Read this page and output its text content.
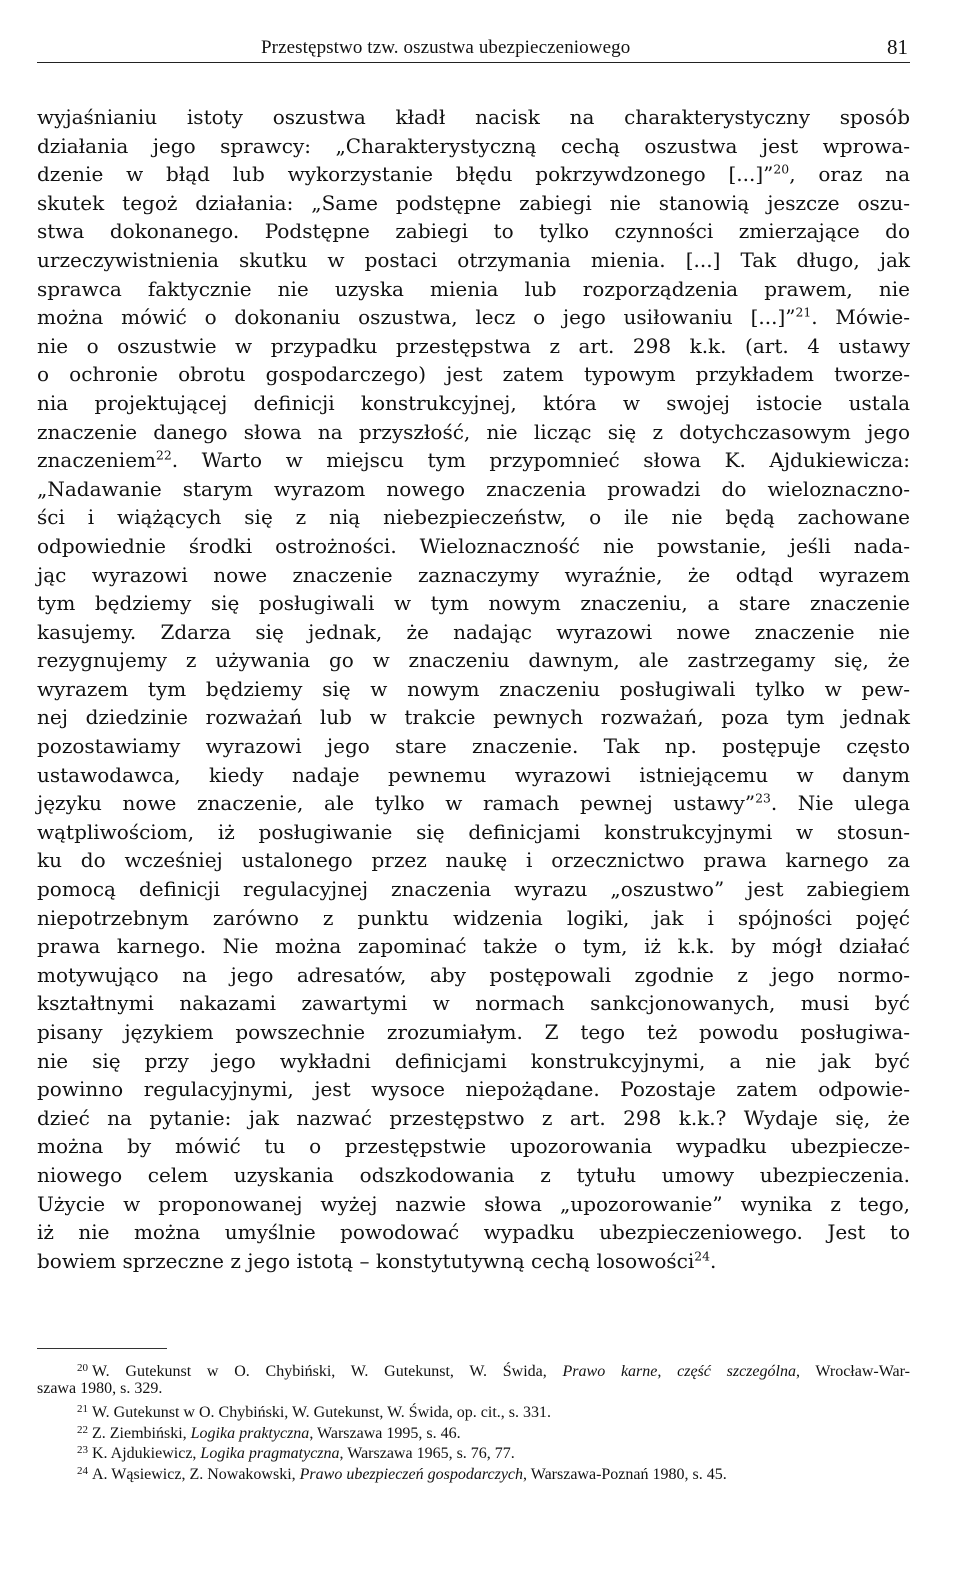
Przestępstwo tzw. oszustwa ubezpieczeniowego	81
wyjaśnianiu istoty oszustwa kładł nacisk na charakterystyczny sposób
działania jego sprawcy: „Charakterystyczną cechą oszustwa jest wprowa-
dzenie w błąd lub wykorzystanie błędu pokrzywdzonego [...]”$^{20}$, oraz na
skutek tegoż działania: „Same podstępne zabiegi nie stanowią jeszcze oszu-
stwa dokonanego. Podstępne zabiegi to tylko czynności zmierzające do
urzeczywistnienia skutku w postaci otrzymania mienia. [...] Tak długo, jak
sprawca faktycznie nie uzyska mienia lub rozporządzenia prawem, nie
można mówić o dokonaniu oszustwa, lecz o jego usiłowaniu [...]”$^{21}$. Mówie-
nie o oszustwie w przypadku przestępstwa z art. 298 k.k. (art. 4 ustawy
o ochronie obrotu gospodarczego) jest zatem typowym przykładem tworze-
nia projektującej definicji konstrukcyjnej, która w swojej istocie ustala
znaczenie danego słowa na przyszłość, nie licząc się z dotychczasowym jego
znaczeniem$^{22}$. Warto w miejscu tym przypomnieć słowa K. Ajdukiewicza:
„Nadawanie starym wyrazom nowego znaczenia prowadzi do wieloznaczno-
ści i wiążących się z nią niebezpieczeństw, o ile nie będą zachowane
odpowiednie środki ostrożności. Wieloznaczność nie powstanie, jeśli nada-
jąc wyrazowi nowe znaczenie zaznaczymy wyraźnie, że odtąd wyrazem
tym będziemy się posługiwali w tym nowym znaczeniu, a stare znaczenie
kasujemy. Zdarza się jednak, że nadając wyrazowi nowe znaczenie nie
rezygnujemy z używania go w znaczeniu dawnym, ale zastrzegamy się, że
wyrazem tym będziemy się w nowym znaczeniu posługiwali tylko w pew-
nej dziedzinie rozważań lub w trakcie pewnych rozważań, poza tym jednak
pozostawiamy wyrazowi jego stare znaczenie. Tak np. postępuje często
ustawodawca, kiedy nadaje pewnemu wyrazowi istniejącemu w danym
języku nowe znaczenie, ale tylko w ramach pewnej ustawy”$^{23}$. Nie ulega
wątpliwościom, iż posługiwanie się definicjami konstrukcyjnymi w stosun-
ku do wcześniej ustalonego przez naukę i orzecznictwo prawa karnego za
pomocą definicji regulacyjnej znaczenia wyrazu „oszustwo” jest zabiegiem
niepotrzebnym zarówno z punktu widzenia logiki, jak i spójności pojęć
prawa karnego. Nie można zapominać także o tym, iż k.k. by mógł działać
motywująco na jego adresatów, aby postępowali zgodnie z jego normo-
kształtnymi nakazami zawartymi w normach sankcjonowanych, musi być
pisany językiem powszechnie zrozumiałym. Z tego też powodu posługiwa-
nie się przy jego wykładni definicjami konstrukcyjnymi, a nie jak być
powinno regulacyjnymi, jest wysoce niepożądane. Pozostaje zatem odpowie-
dzieć na pytanie: jak nazwać przestępstwo z art. 298 k.k.? Wydaje się, że
można by mówić tu o przestępstwie upozorowania wypadku ubezpiecze-
niowego celem uzyskania odszkodowania z tytułu umowy ubezpieczenia.
Użycie w proponowanej wyżej nazwie słowa „upozorowanie” wynika z tego,
iż nie można umyślnie powodować wypadku ubezpieczeniowego. Jest to
bowiem sprzeczne z jego istotą – konstytutywną cechą losowości$^{24}$.
$^{20}$ W. Gutekunst w O. Chybiński, W. Gutekunst, W. Świda, Prawo karne, część szczególna, Wrocław-War-
szawa 1980, s. 329.
$^{21}$ W. Gutekunst w O. Chybiński, W. Gutekunst, W. Świda, op. cit., s. 331.
$^{22}$ Z. Ziembiński, Logika praktyczna, Warszawa 1995, s. 46.
$^{23}$ K. Ajdukiewicz, Logika pragmatyczna, Warszawa 1965, s. 76, 77.
$^{24}$ A. Wąsiewicz, Z. Nowakowski, Prawo ubezpieczeń gospodarczych, Warszawa-Poznań 1980, s. 45.
